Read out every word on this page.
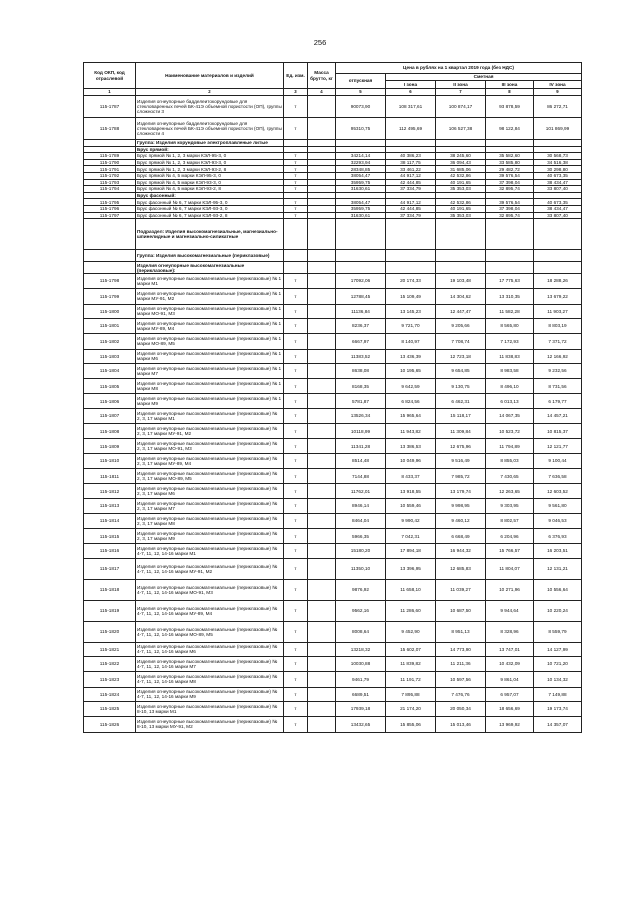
256
Код ОКП, код отраслевой	Наименование материалов и изделий	Ед. изм.	Масса брутто, кг	Цена в рублях на 1 квартал 2019 года (без НДС)				
				отпускная	Сметная			
					I зона	II зона	III зона	IV зона
1	2	3	4	5	6	7	8	9
115-1787	Изделия огнеупорные бадделеитокорундовые для стекловаренных печей БК-41Э объемной пористости (ОП), группы сложности 3	т		90073,90	108 317,61	100 874,17	93 878,59	86 272,71
115-1788	Изделия огнеупорные бадделеитокорундовые для стекловаренных печей БК-41Э объемной пористости (ОП), группы сложности 4	т		95310,75	112 495,69	106 527,38	98 122,84	101 869,99
	Группа: Изделия корундовые электроплавленые литые							
	Брус прямой:							
115-1789	Брус прямой № 1, 2, 3 марки КЭЛ-95-3, 0	т		34214,14	40 386,23	38 245,60	35 582,60	30 568,73
115-1790	Брус прямой № 1, 2, 3 марки КЭЛ-93-3, 0	т		32293,94	38 117,75	36 094,43	33 585,80	34 516,38
115-1791	Брус прямой № 1, 2, 3 марки КЭЛ-93-2, 8	т		28348,85	33 461,22	31 685,06	29 482,72	30 298,80
115-1792	Брус прямой № 4, 5 марки КЭЛ-95-3, 0	т		38054,47	44 917,12	42 532,86	39 576,54	40 673,35
115-1793	Брус прямой № 4, 5 марки КЭЛ-93-3, 0	т		35959,75	42 444,85	40 191,65	37 398,04	38 434,47
115-1794	Брус прямой № 4, 5 марки КЭЛ-93-2, 8	т		31630,61	37 334,79	35 353,03	32 895,74	33 807,40
	Брус фасонный:							
115-1795	Брус фасонный № 6, 7 марки КЭЛ-95-3, 0	т		38054,47	44 917,12	42 532,86	39 576,54	40 673,35
115-1796	Брус фасонный № 6, 7 марки КЭЛ-93-3, 0	т		35959,75	42 444,85	40 191,65	37 398,04	38 434,47
115-1797	Брус фасонный № 6, 7 марки КЭЛ-93-2, 8	т		31630,61	37 334,79	35 353,03	32 895,74	33 807,40
	Подраздел: Изделия высокомагнезиальные, магнезиально-шпинелидные и магнезиально-силикатные							
	Группа: Изделия высокомагнезиальные (периклазовые)							
	Изделия огнеупорные высокомагнезиальные (периклазовые):							
115-1798	Изделия огнеупорные высокомагнезиальные (периклазовые) № 1 марки М1	т		17092,06	20 174,33	19 103,48	17 775,63	18 288,26
115-1799	Изделия огнеупорные высокомагнезиальные (периклазовые) № 1 марки МУ-91, М2	т		12788,45	15 109,49	14 304,62	13 310,35	13 679,22
115-1800	Изделия огнеупорные высокомагнезиальные (периклазовые) № 1 марки МО-91, М3	т		11136,84	13 145,23	12 447,47	11 582,28	11 903,27
115-1801	Изделия огнеупорные высокомагнезиальные (периклазовые) № 1 марки МУ-89, М4	т		8236,37	9 721,70	9 205,66	8 565,80	8 803,19
115-1802	Изделия огнеупорные высокомагнезиальные (периклазовые) № 1 марки МО-89, М5	т		6667,97	8 140,97	7 708,74	7 172,93	7 371,72
115-1803	Изделия огнеупорные высокомагнезиальные (периклазовые) № 1 марки М6	т		11383,52	13 436,39	12 723,18	11 838,83	12 166,92
115-1804	Изделия огнеупорные высокомагнезиальные (периклазовые) № 1 марки М7	т		8638,08	10 195,65	9 654,85	8 983,58	9 232,56
115-1805	Изделия огнеупорные высокомагнезиальные (периклазовые) № 1 марки М8	т		8168,35	9 642,59	9 130,75	8 496,10	8 731,56
115-1806	Изделия огнеупорные высокомагнезиальные (периклазовые) № 1 марки М9	т		5781,87	6 824,56	6 462,31	6 013,13	6 179,77
115-1807	Изделия огнеупорные высокомагнезиальные (периклазовые) № 2, 3, 17 марки М1	т		13526,34	15 965,64	15 118,17	14 067,35	14 457,21
115-1808	Изделия огнеупорные высокомагнезиальные (периклазовые) № 2, 3, 17 марки МУ-91, М2	т		10118,99	11 943,82	11 309,84	10 523,72	10 815,37
115-1809	Изделия огнеупорные высокомагнезиальные (периклазовые) № 2, 3, 17 марки МО-91, М3	т		11341,28	13 386,53	12 675,96	11 794,89	12 121,77
115-1810	Изделия огнеупорные высокомагнезиальные (периклазовые) № 2, 3, 17 марки МУ-89, М4	т		8514,48	10 049,96	9 516,49	8 855,03	9 100,44
115-1811	Изделия огнеупорные высокомагнезиальные (периклазовые) № 2, 3, 17 марки МО-89, М5	т		7144,88	8 433,37	7 985,72	7 430,65	7 636,58
115-1812	Изделия огнеупорные высокомагнезиальные (периклазовые) № 2, 3, 17 марки М6	т		11762,01	13 918,55	13 179,74	12 263,65	12 603,52
115-1813	Изделия огнеупорные высокомагнезиальные (периклазовые) № 2, 3, 17 марки М7	т		8946,14	10 559,46	9 998,95	9 303,95	9 561,80
115-1814	Изделия огнеупорные высокомагнезиальные (периклазовые) № 2, 3, 17 марки М8	т		8464,04	9 990,42	9 460,12	8 802,57	9 046,53
115-1815	Изделия огнеупорные высокомагнезиальные (периклазовые) № 2, 3, 17 марки М9	т		5966,35	7 042,31	6 668,49	6 204,96	6 376,93
115-1816	Изделия огнеупорные высокомагнезиальные (периклазовые) № 4-7, 11, 12, 14-16 марки М1	т		15180,20	17 894,18	16 944,32	15 766,57	16 203,51
115-1817	Изделия огнеупорные высокомагнезиальные (периклазовые) № 4-7, 11, 12, 14-16 марки МУ-91, М2	т		11350,10	13 396,95	12 685,83	11 804,07	12 131,21
115-1818	Изделия огнеупорные высокомагнезиальные (периклазовые) № 4-7, 11, 12, 14-16 марки МО-91, М3	т		9876,92	11 658,10	11 039,27	10 271,96	10 556,64
115-1819	Изделия огнеупорные высокомагнезиальные (периклазовые) № 4-7, 11, 12, 14-16 марки МУ-89, М4	т		9562,16	11 286,60	10 687,50	9 944,64	10 220,24
115-1820	Изделия огнеупорные высокомагнезиальные (периклазовые) № 4-7, 11, 12, 14-16 марки МО-89, М5	т		8008,64	9 452,90	8 951,13	8 328,96	8 559,79
115-1821	Изделия огнеупорные высокомагнезиальные (периклазовые) № 4-7, 11, 12, 14-16 марки М6	т		13218,32	15 602,07	14 773,90	13 747,01	14 127,99
115-1822	Изделия огнеупорные высокомагнезиальные (периклазовые) № 4-7, 11, 12, 14-16 марки М7	т		10030,88	11 839,82	11 211,36	10 432,09	10 721,20
115-1823	Изделия огнеупорные высокомагнезиальные (периклазовые) № 4-7, 11, 12, 14-16 марки М8	т		9461,79	11 191,72	10 597,56	9 861,04	10 134,32
115-1824	Изделия огнеупорные высокомагнезиальные (периклазовые) № 4-7, 11, 12, 14-16 марки М9	т		6689,51	7 895,88	7 476,76	6 957,07	7 149,88
115-1825	Изделия огнеупорные высокомагнезиальные (периклазовые) № 8-10, 13 марки М1	т		17939,18	21 174,20	20 050,34	18 656,69	19 173,74
115-1826	Изделия огнеупорные высокомагнезиальные (периклазовые) № 8-10, 13 марки МУ-91, М2	т		13432,65	15 855,06	15 013,46	13 969,92	14 357,07
